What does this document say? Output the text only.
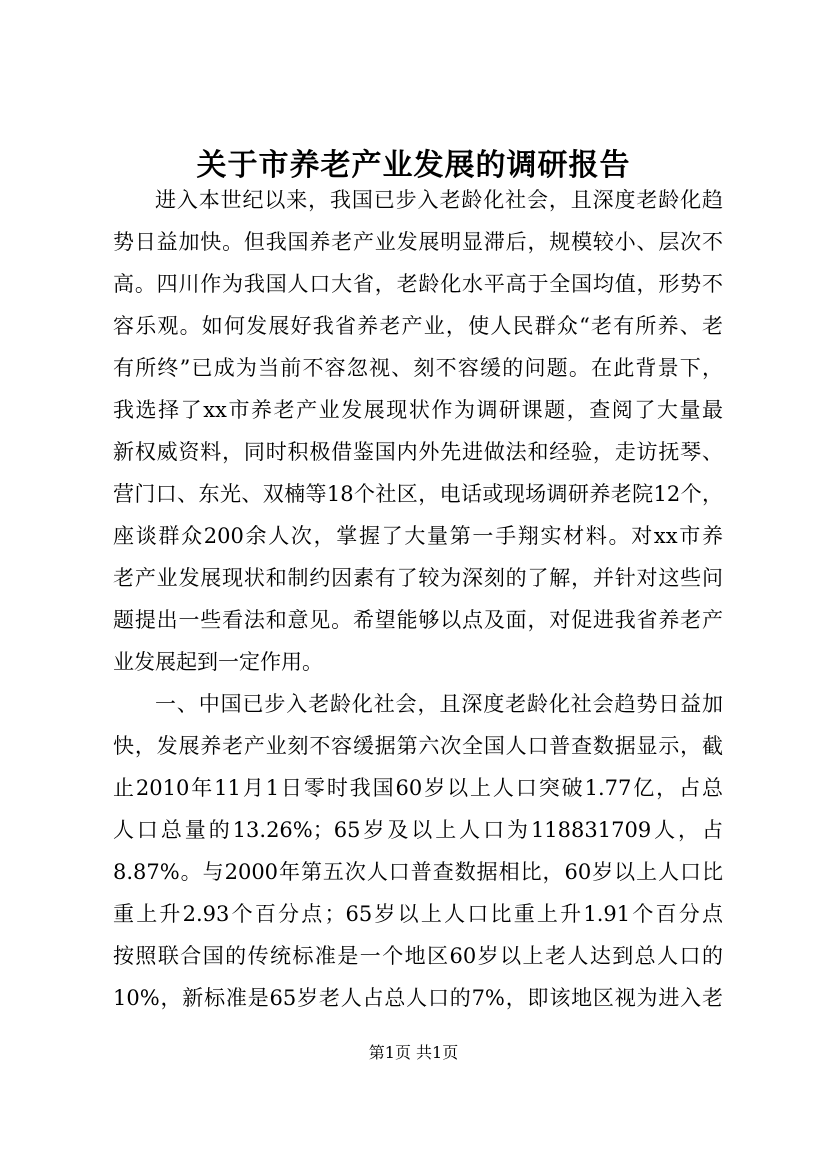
关于市养老产业发展的调研报告

进入本世纪以来，我国已步入老龄化社会，且深度老龄化趋

势日益加快。但我国养老产业发展明显滞后，规模较小、层次不

高。四川作为我国人口大省，老龄化水平高于全国均值，形势不

容乐观。如何发展好我省养老产业，使人民群众“老有所养、老

有所终”已成为当前不容忽视、刻不容缓的问题。在此背景下，

我选择了xx市养老产业发展现状作为调研课题，查阅了大量最

新权威资料，同时积极借鉴国内外先进做法和经验，走访抚琴、

营门口、东光、双楠等18个社区，电话或现场调研养老院12个，

座谈群众200余人次，掌握了大量第一手翔实材料。对xx市养

老产业发展现状和制约因素有了较为深刻的了解，并针对这些问

题提出一些看法和意见。希望能够以点及面，对促进我省养老产

业发展起到一定作用。

一、中国已步入老龄化社会，且深度老龄化社会趋势日益加

快，发展养老产业刻不容缓据第六次全国人口普查数据显示，截

止2010年11月1日零时我国60岁以上人口突破1.77亿，占总

人口总量的13.26%；65岁及以上人口为118831709人，占

8.87%。与2000年第五次人口普查数据相比，60岁以上人口比

重上升2.93个百分点；65岁以上人口比重上升1.91个百分点

按照联合国的传统标准是一个地区60岁以上老人达到总人口的

10%，新标准是65岁老人占总人口的7%，即该地区视为进入老

第1页 共1页
